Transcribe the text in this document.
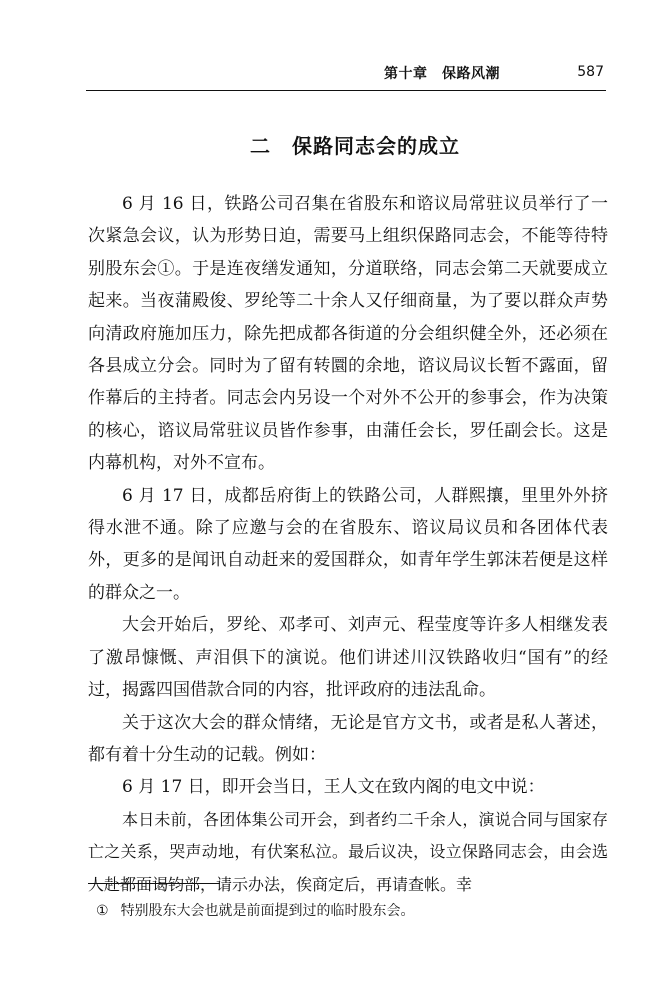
第十章　保路风潮	587
二　保路同志会的成立

6 月 16 日，铁路公司召集在省股东和谘议局常驻议员举行了一次紧急会议，认为形势日迫，需要马上组织保路同志会，不能等待特别股东会①。于是连夜缮发通知，分道联络，同志会第二天就要成立起来。当夜蒲殿俊、罗纶等二十余人又仔细商量，为了要以群众声势向清政府施加压力，除先把成都各街道的分会组织健全外，还必须在各县成立分会。同时为了留有转圜的余地，谘议局议长暂不露面，留作幕后的主持者。同志会内另设一个对外不公开的参事会，作为决策的核心，谘议局常驻议员皆作参事，由蒲任会长，罗任副会长。这是内幕机构，对外不宣布。

6 月 17 日，成都岳府街上的铁路公司，人群熙攘，里里外外挤得水泄不通。除了应邀与会的在省股东、谘议局议员和各团体代表外，更多的是闻讯自动赶来的爱国群众，如青年学生郭沫若便是这样的群众之一。

大会开始后，罗纶、邓孝可、刘声元、程莹度等许多人相继发表了激昂慷慨、声泪俱下的演说。他们讲述川汉铁路收归“国有”的经过，揭露四国借款合同的内容，批评政府的违法乱命。

关于这次大会的群众情绪，无论是官方文书，或者是私人著述，都有着十分生动的记载。例如：

6 月 17 日，即开会当日，王人文在致内阁的电文中说：

本日未前，各团体集公司开会，到者约二千余人，演说合同与国家存亡之关系，哭声动地，有伏案私泣。最后议决，设立保路同志会，由会选人赴都面谒钧部，请示办法，俟商定后，再请查帐。幸

① 特别股东大会也就是前面提到过的临时股东会。
